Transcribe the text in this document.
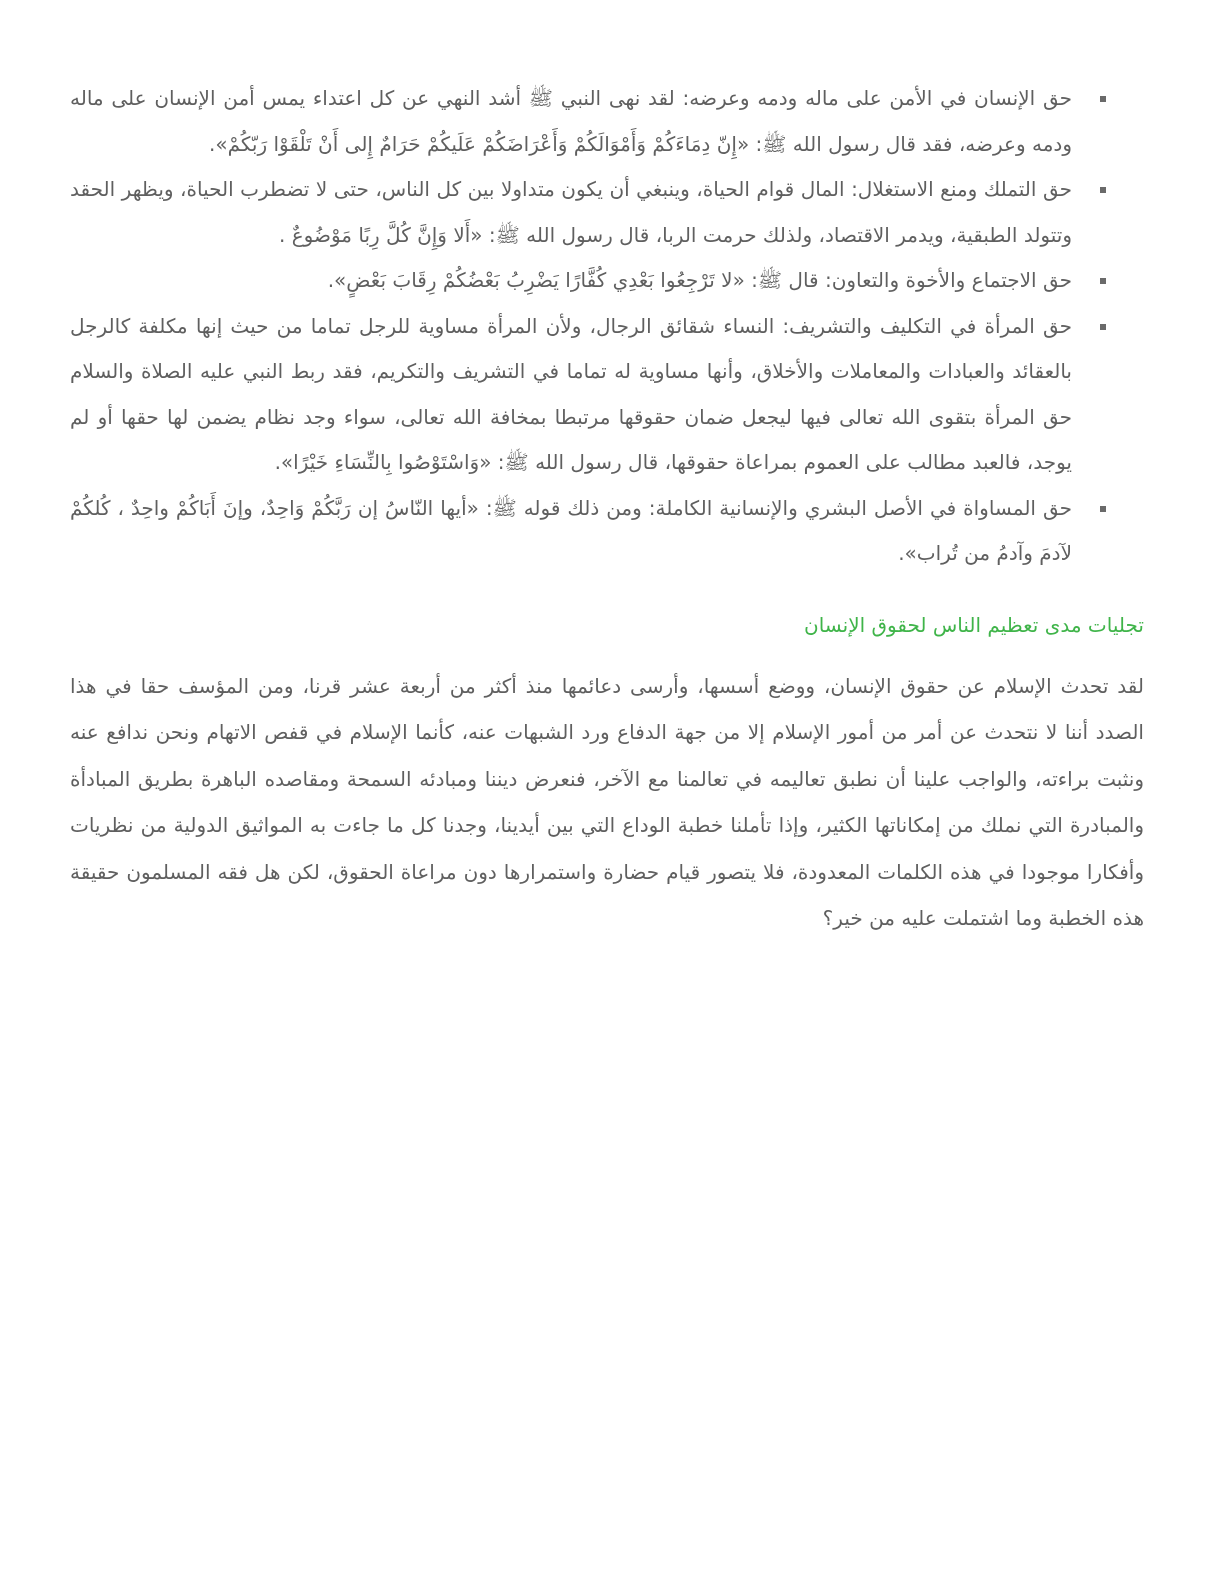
حق الإنسان في الأمن على ماله ودمه وعرضه: لقد نهى النبي ﷺ أشد النهي عن كل اعتداء يمس أمن الإنسان على ماله ودمه وعرضه، فقد قال رسول الله ﷺ: «إِنّ دِمَاءَكُمْ وَأَمْوَالَكُمْ وَأَعْرَاضَكُمْ عَلَيكُمْ حَرَامٌ إِلى أَنْ تَلْقَوْا رَبّكُمْ».
حق التملك ومنع الاستغلال: المال قوام الحياة، وينبغي أن يكون متداولا بين كل الناس، حتى لا تضطرب الحياة، ويظهر الحقد وتتولد الطبقية، ويدمر الاقتصاد، ولذلك حرمت الربا، قال رسول الله ﷺ: «أَلا وَإِنَّ كُلَّ رِبًا مَوْضُوعٌ .
حق الاجتماع والأخوة والتعاون: قال ﷺ: «لا تَرْجِعُوا بَعْدِي كُفَّارًا يَضْرِبُ بَعْضُكُمْ رِقَابَ بَعْضٍ».
حق المرأة في التكليف والتشريف: النساء شقائق الرجال، ولأن المرأة مساوية للرجل تماما من حيث إنها مكلفة كالرجل بالعقائد والعبادات والمعاملات والأخلاق، وأنها مساوية له تماما في التشريف والتكريم، فقد ربط النبي عليه الصلاة والسلام حق المرأة بتقوى الله تعالى فيها ليجعل ضمان حقوقها مرتبطا بمخافة الله تعالى، سواء وجد نظام يضمن لها حقها أو لم يوجد، فالعبد مطالب على العموم بمراعاة حقوقها، قال رسول الله ﷺ: «وَاسْتَوْصُوا بِالنِّسَاءِ خَيْرًا».
حق المساواة في الأصل البشري والإنسانية الكاملة: ومن ذلك قوله ﷺ: «أيها النّاسُ إن رَبَّكُمْ وَاحِدٌ، وإنَ أَبَاكُمْ واحِدٌ ، كُلكُمْ لآدمَ وآدمُ من تُراب».
تجليات مدى تعظيم الناس لحقوق الإنسان

لقد تحدث الإسلام عن حقوق الإنسان، ووضع أسسها، وأرسى دعائمها منذ أكثر من أربعة عشر قرنا، ومن المؤسف حقا في هذا الصدد أننا لا نتحدث عن أمر من أمور الإسلام إلا من جهة الدفاع ورد الشبهات عنه، كأنما الإسلام في قفص الاتهام ونحن ندافع عنه ونثبت براءته، والواجب علينا أن نطبق تعاليمه في تعالمنا مع الآخر، فنعرض ديننا ومبادئه السمحة ومقاصده الباهرة بطريق المبادأة والمبادرة التي نملك من إمكاناتها الكثير، وإذا تأملنا خطبة الوداع التي بين أيدينا، وجدنا كل ما جاءت به المواثيق الدولية من نظريات وأفكارا موجودا في هذه الكلمات المعدودة، فلا يتصور قيام حضارة واستمرارها دون مراعاة الحقوق، لكن هل فقه المسلمون حقيقة هذه الخطبة وما اشتملت عليه من خير؟
